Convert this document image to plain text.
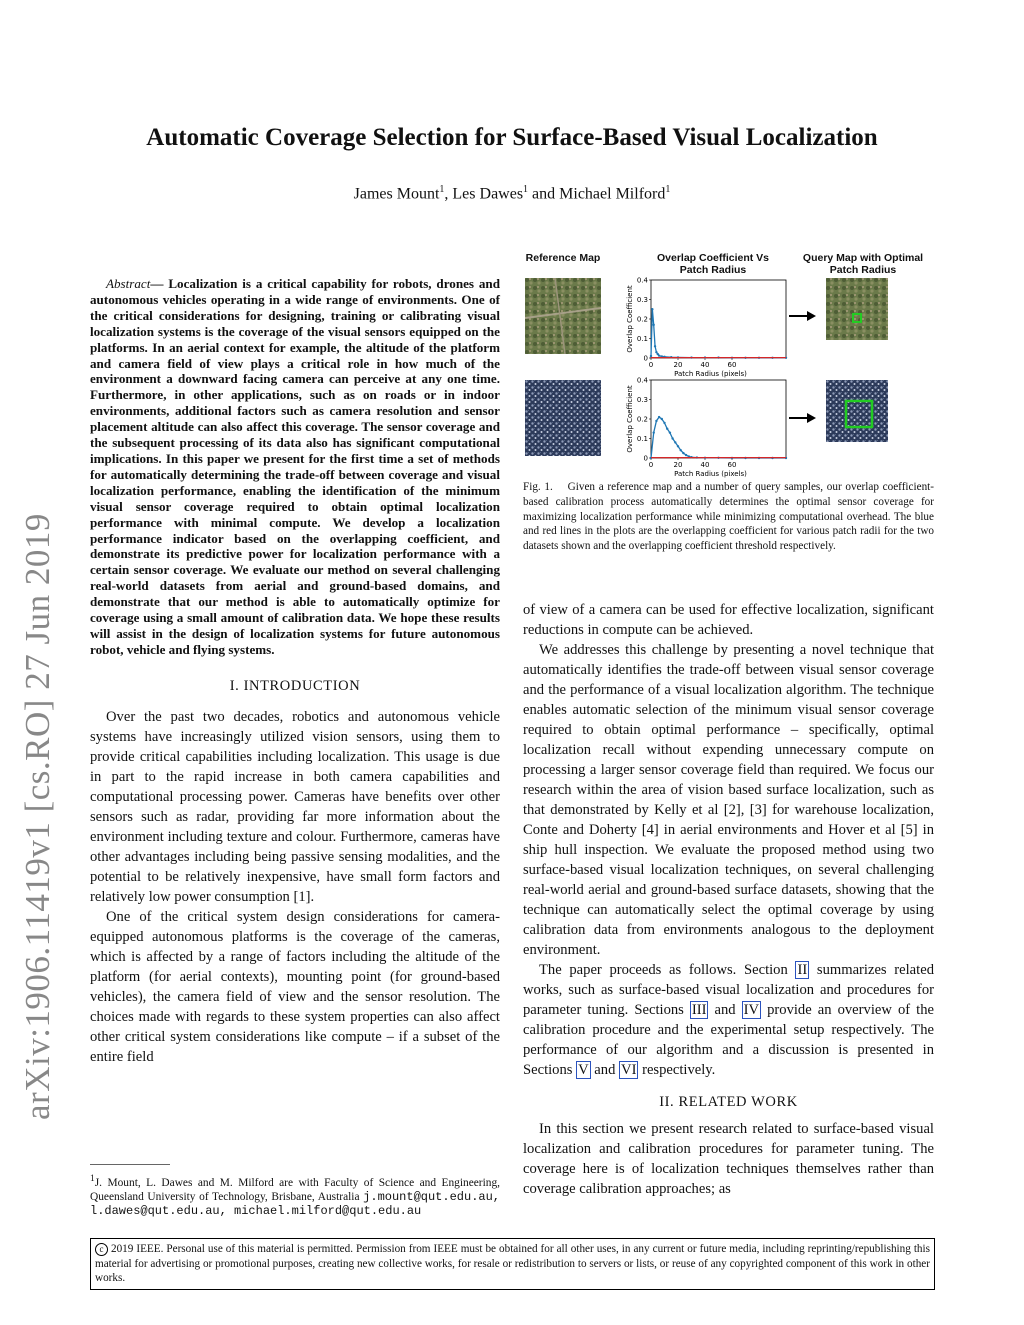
arXiv:1906.11419v1 [cs.RO] 27 Jun 2019
Automatic Coverage Selection for Surface-Based Visual Localization
James Mount$^1$, Les Dawes$^1$ and Michael Milford$^1$

Abstract— Localization is a critical capability for robots, drones and autonomous vehicles operating in a wide range of environments. One of the critical considerations for designing, training or calibrating visual localization systems is the coverage of the visual sensors equipped on the platforms. In an aerial context for example, the altitude of the platform and camera field of view plays a critical role in how much of the environment a downward facing camera can perceive at any one time. Furthermore, in other applications, such as on roads or in indoor environments, additional factors such as camera resolution and sensor placement altitude can also affect this coverage. The sensor coverage and the subsequent processing of its data also has significant computational implications. In this paper we present for the first time a set of methods for automatically determining the trade-off between coverage and visual localization performance, enabling the identification of the minimum visual sensor coverage required to obtain optimal localization performance with minimal compute. We develop a localization performance indicator based on the overlapping coefficient, and demonstrate its predictive power for localization performance with a certain sensor coverage. We evaluate our method on several challenging real-world datasets from aerial and ground-based domains, and demonstrate that our method is able to automatically optimize for coverage using a small amount of calibration data. We hope these results will assist in the design of localization systems for future autonomous robot, vehicle and flying systems.

I. INTRODUCTION

Over the past two decades, robotics and autonomous vehicle systems have increasingly utilized vision sensors, using them to provide critical capabilities including localization. This usage is due in part to the rapid increase in both camera capabilities and computational processing power. Cameras have benefits over other sensors such as radar, providing far more information about the environment including texture and colour. Furthermore, cameras have other advantages including being passive sensing modalities, and the potential to be relatively inexpensive, have small form factors and relatively low power consumption [1].

One of the critical system design considerations for camera-equipped autonomous platforms is the coverage of the cameras, which is affected by a range of factors including the altitude of the platform (for aerial contexts), mounting point (for ground-based vehicles), the camera field of view and the sensor resolution. The choices made with regards to these system properties can also affect other critical system considerations like compute – if a subset of the entire field

$^1$J. Mount, L. Dawes and M. Milford are with Faculty of Science and Engineering, Queensland University of Technology, Brisbane, Australia j.mount@qut.edu.au, l.dawes@qut.edu.au, michael.milford@qut.edu.au
Reference Map	Overlap Coefficient Vs Patch Radius
Query Map with Optimal Patch Radius
0
0.1
0.2
0.3
0.4
0	20	40	60
Patch Radius (pixels)
Overlap Coefficient
0
0.1
0.2
0.3
0.4
0	20	40	60
Patch Radius (pixels)
Overlap Coefficient
Fig. 1. Given a reference map and a number of query samples, our overlap coefficient-based calibration process automatically determines the optimal sensor coverage for maximizing localization performance while minimizing computational overhead. The blue and red lines in the plots are the overlapping coefficient for various patch radii for the two datasets shown and the overlapping coefficient threshold respectively.

of view of a camera can be used for effective localization, significant reductions in compute can be achieved.

We addresses this challenge by presenting a novel technique that automatically identifies the trade-off between visual sensor coverage and the performance of a visual localization algorithm. The technique enables automatic selection of the minimum visual sensor coverage required to obtain optimal performance – specifically, optimal localization recall without expending unnecessary compute on processing a larger sensor coverage field than required. We focus our research within the area of vision based surface localization, such as that demonstrated by Kelly et al [2], [3] for warehouse localization, Conte and Doherty [4] in aerial environments and Hover et al [5] in ship hull inspection. We evaluate the proposed method using two surface-based visual localization techniques, on several challenging real-world aerial and ground-based surface datasets, showing that the technique can automatically select the optimal coverage by using calibration data from environments analogous to the deployment environment.

The paper proceeds as follows. Section II summarizes related works, such as surface-based visual localization and procedures for parameter tuning. Sections III and IV provide an overview of the calibration procedure and the experimental setup respectively. The performance of our algorithm and a discussion is presented in Sections V and VI respectively.

II. RELATED WORK

In this section we present research related to surface-based visual localization and calibration procedures for parameter tuning. The coverage here is of localization techniques themselves rather than coverage calibration approaches; as

c 2019 IEEE. Personal use of this material is permitted. Permission from IEEE must be obtained for all other uses, in any current or future media, including reprinting/republishing this material for advertising or promotional purposes, creating new collective works, for resale or redistribution to servers or lists, or reuse of any copyrighted component of this work in other works.
